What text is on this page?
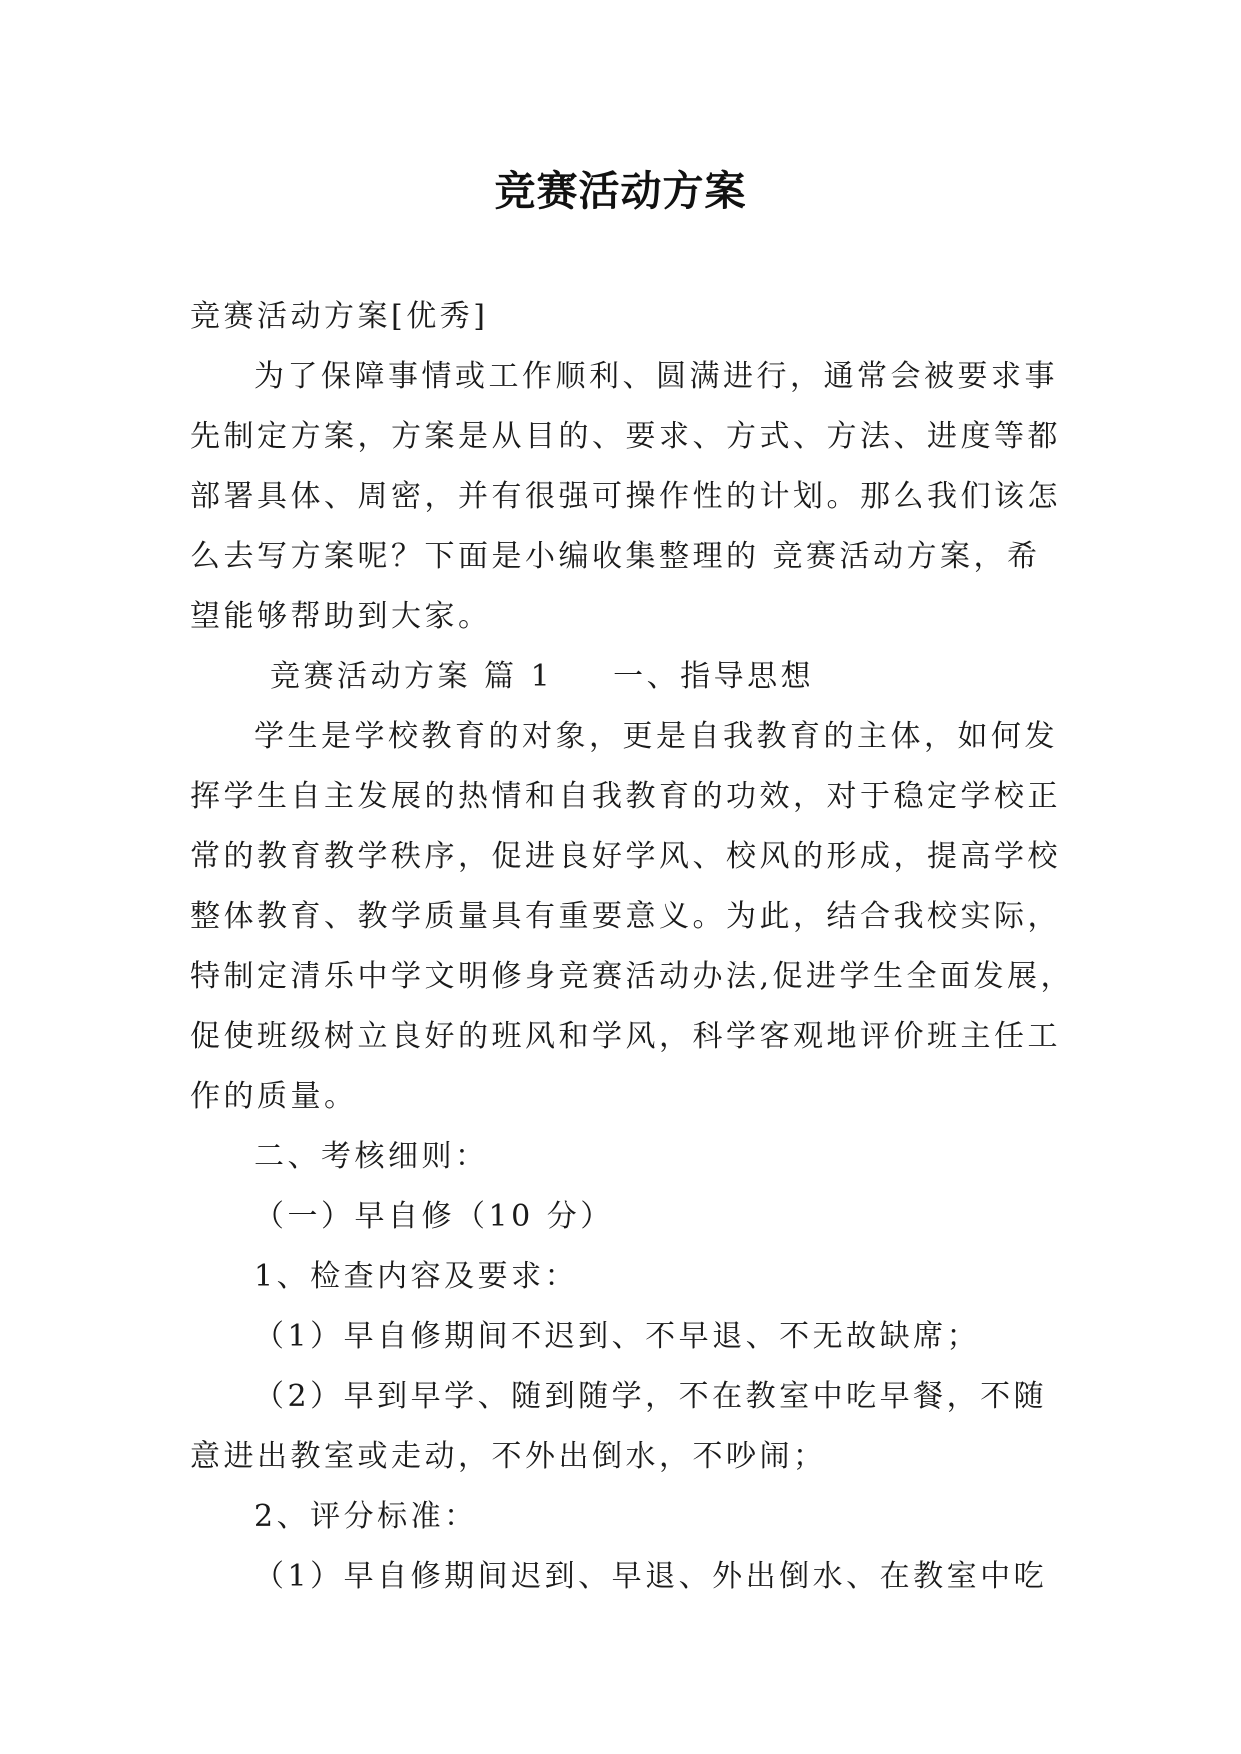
竞赛活动方案
竞赛活动方案[优秀]
为了保障事情或工作顺利、圆满进行，通常会被要求事
先制定方案，方案是从目的、要求、方式、方法、进度等都
部署具体、周密，并有很强可操作性的计划。那么我们该怎
么去写方案呢？下面是小编收集整理的 竞赛活动方案，希
望能够帮助到大家。
竞赛活动方案 篇 1 一、指导思想
学生是学校教育的对象，更是自我教育的主体，如何发
挥学生自主发展的热情和自我教育的功效，对于稳定学校正
常的教育教学秩序，促进良好学风、校风的形成，提高学校
整体教育、教学质量具有重要意义。为此，结合我校实际，
特制定清乐中学文明修身竞赛活动办法,促进学生全面发展，
促使班级树立良好的班风和学风，科学客观地评价班主任工
作的质量。
二、考核细则：
（一）早自修（10 分）
1、检查内容及要求：
（1）早自修期间不迟到、不早退、不无故缺席；
（2）早到早学、随到随学，不在教室中吃早餐，不随
意进出教室或走动，不外出倒水，不吵闹；
2、评分标准：
（1）早自修期间迟到、早退、外出倒水、在教室中吃
